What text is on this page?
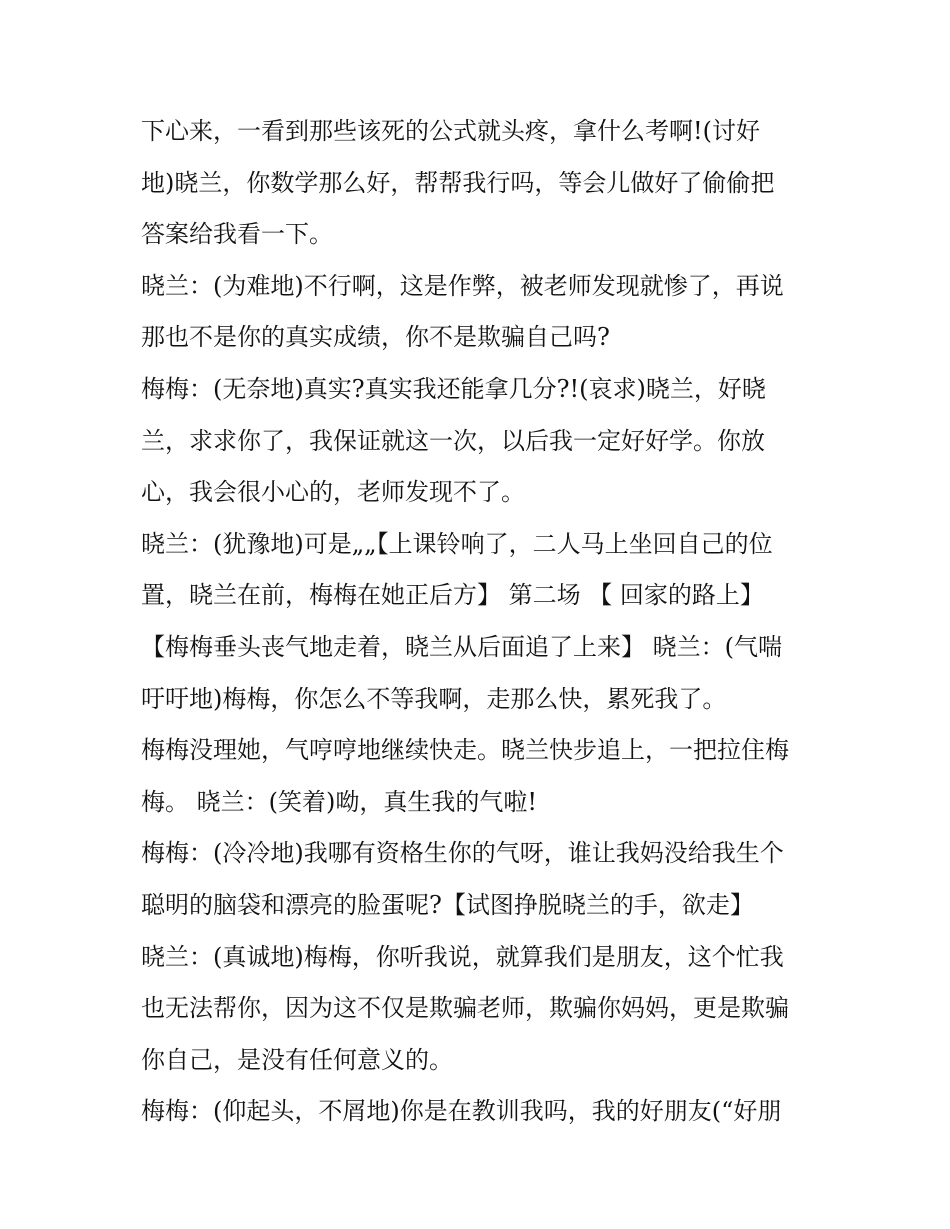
下心来，一看到那些该死的公式就头疼，拿什么考啊!(讨好
地)晓兰，你数学那么好，帮帮我行吗，等会儿做好了偷偷把
答案给我看一下。
晓兰：(为难地)不行啊，这是作弊，被老师发现就惨了，再说
那也不是你的真实成绩，你不是欺骗自己吗?
梅梅：(无奈地)真实?真实我还能拿几分?!(哀求)晓兰，好晓
兰，求求你了，我保证就这一次，以后我一定好好学。你放
心，我会很小心的，老师发现不了。
晓兰：(犹豫地)可是„„【上课铃响了，二人马上坐回自己的位
置，晓兰在前，梅梅在她正后方】 第二场 【 回家的路上】
【梅梅垂头丧气地走着，晓兰从后面追了上来】 晓兰：(气喘
吁吁地)梅梅，你怎么不等我啊，走那么快，累死我了。
梅梅没理她，气哼哼地继续快走。晓兰快步追上，一把拉住梅
梅。 晓兰：(笑着)呦，真生我的气啦!
梅梅：(冷冷地)我哪有资格生你的气呀，谁让我妈没给我生个
聪明的脑袋和漂亮的脸蛋呢?【试图挣脱晓兰的手，欲走】
晓兰：(真诚地)梅梅，你听我说，就算我们是朋友，这个忙我
也无法帮你，因为这不仅是欺骗老师，欺骗你妈妈，更是欺骗
你自己，是没有任何意义的。
梅梅：(仰起头，不屑地)你是在教训我吗，我的好朋友(“好朋
